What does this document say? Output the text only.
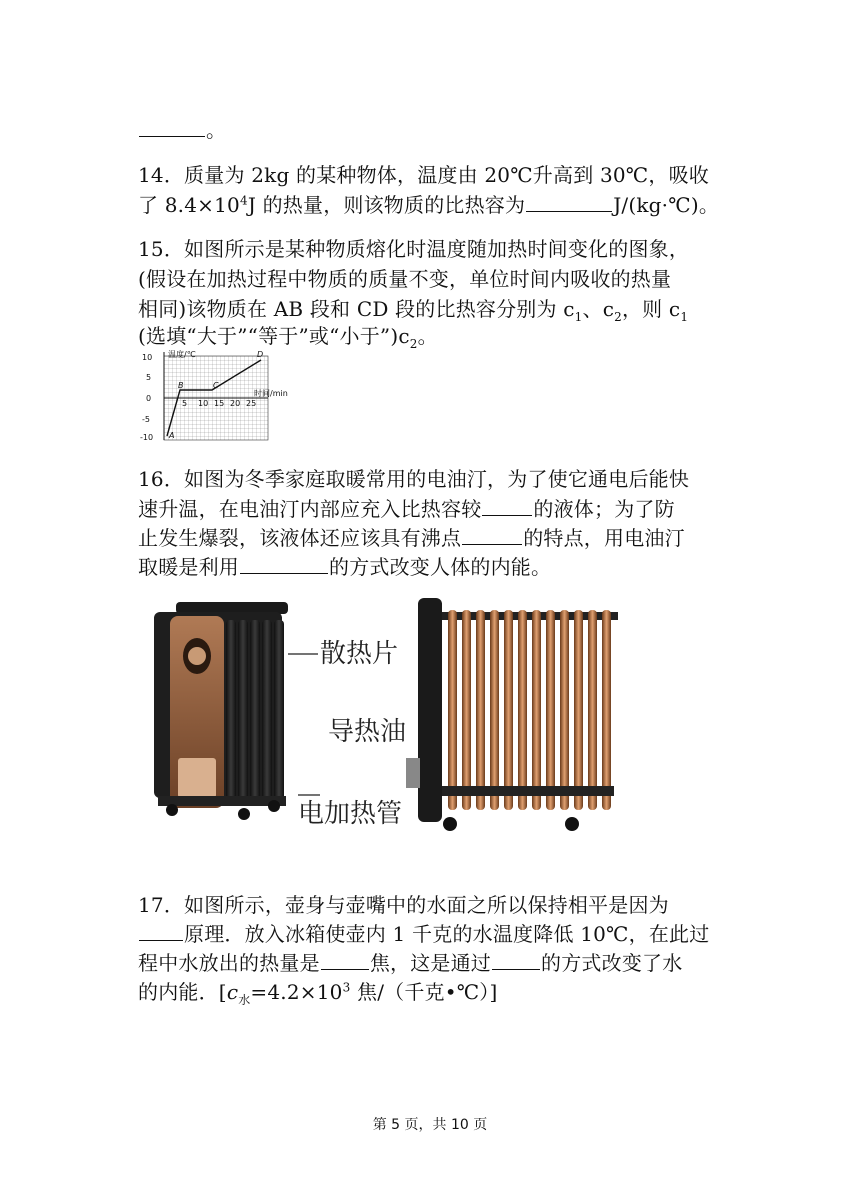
。
14．质量为 2kg 的某种物体，温度由 20℃升高到 30℃，吸收
了 $8.4\times 10^4J$ 的热量，则该物质的比热容为	J/(kg·℃)。
15．如图所示是某种物质熔化时温度随加热时间变化的图象，
(假设在加热过程中物质的质量不变，单位时间内吸收的热量
相同)该物质在 AB 段和 CD 段的比热容分别为 $c_1$、$c_2$，则 $c_1$
(选填“大于”“等于”或“小于$”)c_2$。
10
5
0
-5
-10
温度/℃
5 10 15 20 25
时间/min
A
B	C
D
16．如图为冬季家庭取暖常用的电油汀，为了使它通电后能快
速升温，在电油汀内部应充入比热容较	的液体；为了防
止发生爆裂，该液体还应该具有沸点	的特点，用电油汀
取暖是利用	的方式改变人体的内能。
散热片
导热油
电加热管
17．如图所示，壶身与壶嘴中的水面之所以保持相平是因为
原理．放入冰箱使壶内 1 千克的水温度降低 10℃，在此过
程中水放出的热量是	焦，这是通过	的方式改变了水
的内能．[$c_水=4.2\times 10^3$ 焦/（千克•℃）]
第 5 页，共 10 页
